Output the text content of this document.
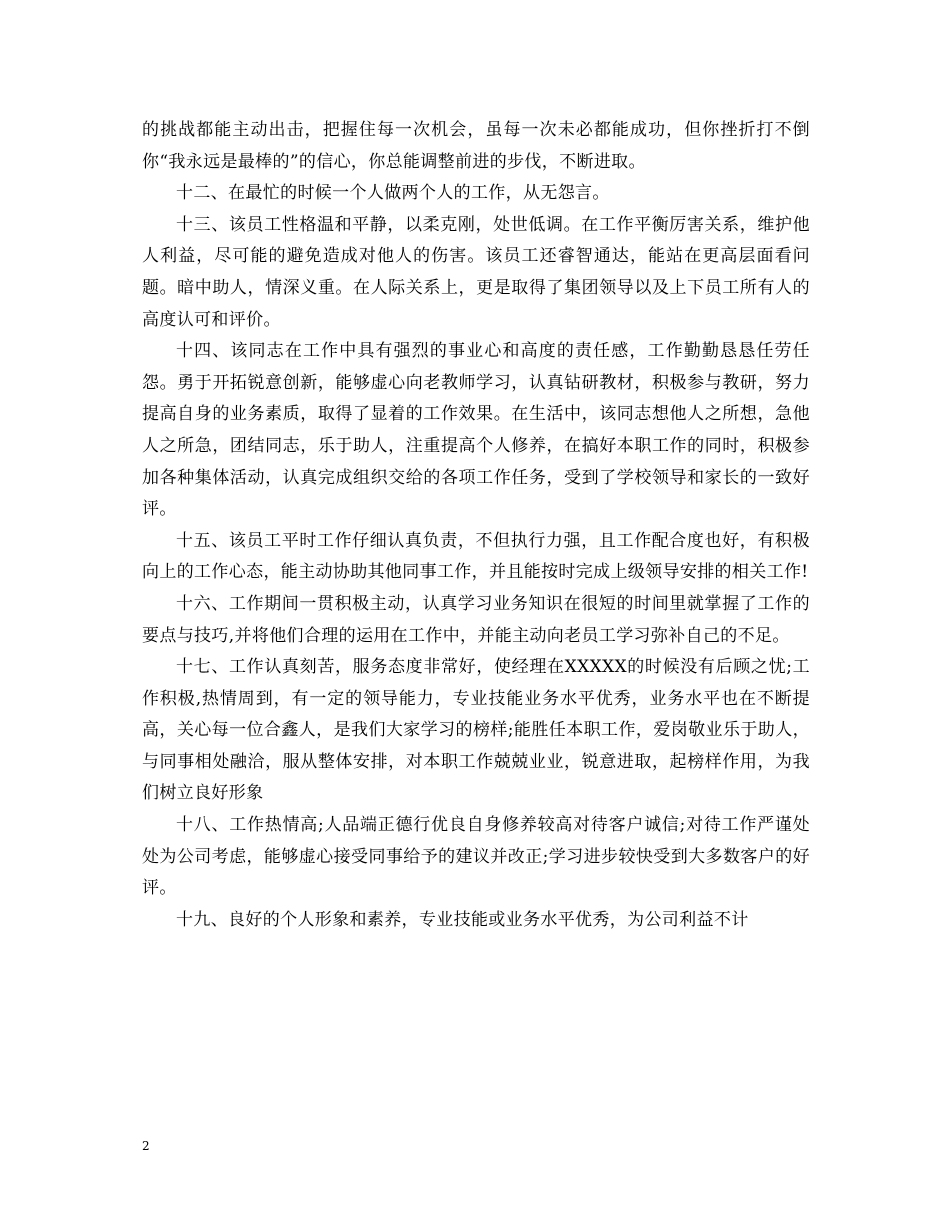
的挑战都能主动出击，把握住每一次机会，虽每一次未必都能成功，但你挫折打不倒你“我永远是最棒的”的信心，你总能调整前进的步伐，不断进取。

十二、在最忙的时候一个人做两个人的工作，从无怨言。

十三、该员工性格温和平静，以柔克刚，处世低调。在工作平衡厉害关系，维护他人利益，尽可能的避免造成对他人的伤害。该员工还睿智通达，能站在更高层面看问题。暗中助人，情深义重。在人际关系上，更是取得了集团领导以及上下员工所有人的高度认可和评价。

十四、该同志在工作中具有强烈的事业心和高度的责任感，工作勤勤恳恳任劳任怨。勇于开拓锐意创新，能够虚心向老教师学习，认真钻研教材，积极参与教研，努力提高自身的业务素质，取得了显着的工作效果。在生活中，该同志想他人之所想，急他人之所急，团结同志，乐于助人，注重提高个人修养，在搞好本职工作的同时，积极参加各种集体活动，认真完成组织交给的各项工作任务，受到了学校领导和家长的一致好评。

十五、该员工平时工作仔细认真负责，不但执行力强，且工作配合度也好，有积极向上的工作心态，能主动协助其他同事工作，并且能按时完成上级领导安排的相关工作!

十六、工作期间一贯积极主动，认真学习业务知识在很短的时间里就掌握了工作的要点与技巧,并将他们合理的运用在工作中，并能主动向老员工学习弥补自己的不足。

十七、工作认真刻苦，服务态度非常好，使经理在XXXXX的时候没有后顾之忧;工作积极,热情周到，有一定的领导能力，专业技能业务水平优秀，业务水平也在不断提高，关心每一位合鑫人，是我们大家学习的榜样;能胜任本职工作，爱岗敬业乐于助人，与同事相处融洽，服从整体安排，对本职工作兢兢业业，锐意进取，起榜样作用，为我们树立良好形象

十八、工作热情高;人品端正德行优良自身修养较高对待客户诚信;对待工作严谨处处为公司考虑，能够虚心接受同事给予的建议并改正;学习进步较快受到大多数客户的好评。

十九、良好的个人形象和素养，专业技能或业务水平优秀，为公司利益不计

2
